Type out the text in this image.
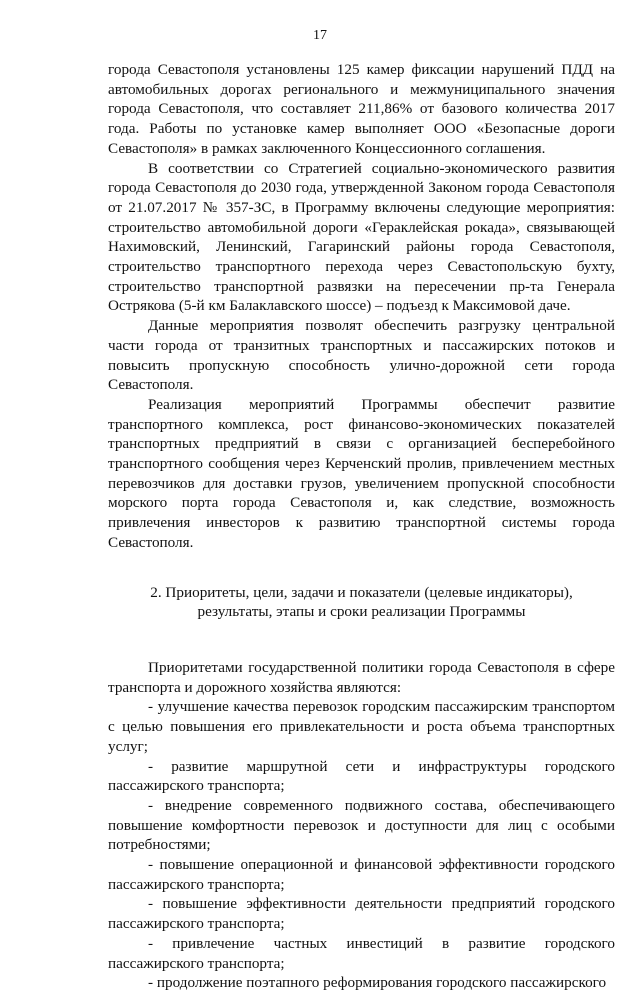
17

города Севастополя установлены 125 камер фиксации нарушений ПДД на автомобильных дорогах регионального и межмуниципального значения города Севастополя, что составляет 211,86% от базового количества 2017 года. Работы по установке камер выполняет ООО «Безопасные дороги Севастополя» в рамках заключенного Концессионного соглашения.

В соответствии со Стратегией социально-экономического развития города Севастополя до 2030 года, утвержденной Законом города Севастополя от 21.07.2017 № 357-ЗС, в Программу включены следующие мероприятия: строительство автомобильной дороги «Гераклейская рокада», связывающей Нахимовский, Ленинский, Гагаринский районы города Севастополя, строительство транспортного перехода через Севастопольскую бухту, строительство транспортной развязки на пересечении пр-та Генерала Острякова (5-й км Балаклавского шоссе) – подъезд к Максимовой даче.

Данные мероприятия позволят обеспечить разгрузку центральной части города от транзитных транспортных и пассажирских потоков и повысить пропускную способность улично-дорожной сети города Севастополя.

Реализация мероприятий Программы обеспечит развитие транспортного комплекса, рост финансово-экономических показателей транспортных предприятий в связи с организацией бесперебойного транспортного сообщения через Керченский пролив, привлечением местных перевозчиков для доставки грузов, увеличением пропускной способности морского порта города Севастополя и, как следствие, возможность привлечения инвесторов к развитию транспортной системы города Севастополя.

2. Приоритеты, цели, задачи и показатели (целевые индикаторы),
результаты, этапы и сроки реализации Программы

Приоритетами государственной политики города Севастополя в сфере транспорта и дорожного хозяйства являются:

- улучшение качества перевозок городским пассажирским транспортом с целью повышения его привлекательности и роста объема транспортных услуг;

- развитие маршрутной сети и инфраструктуры городского пассажирского транспорта;

- внедрение современного подвижного состава, обеспечивающего повышение комфортности перевозок и доступности для лиц с особыми потребностями;

- повышение операционной и финансовой эффективности городского пассажирского транспорта;

- повышение эффективности деятельности предприятий городского пассажирского транспорта;

- привлечение частных инвестиций в развитие городского пассажирского транспорта;

- продолжение поэтапного реформирования городского пассажирского
